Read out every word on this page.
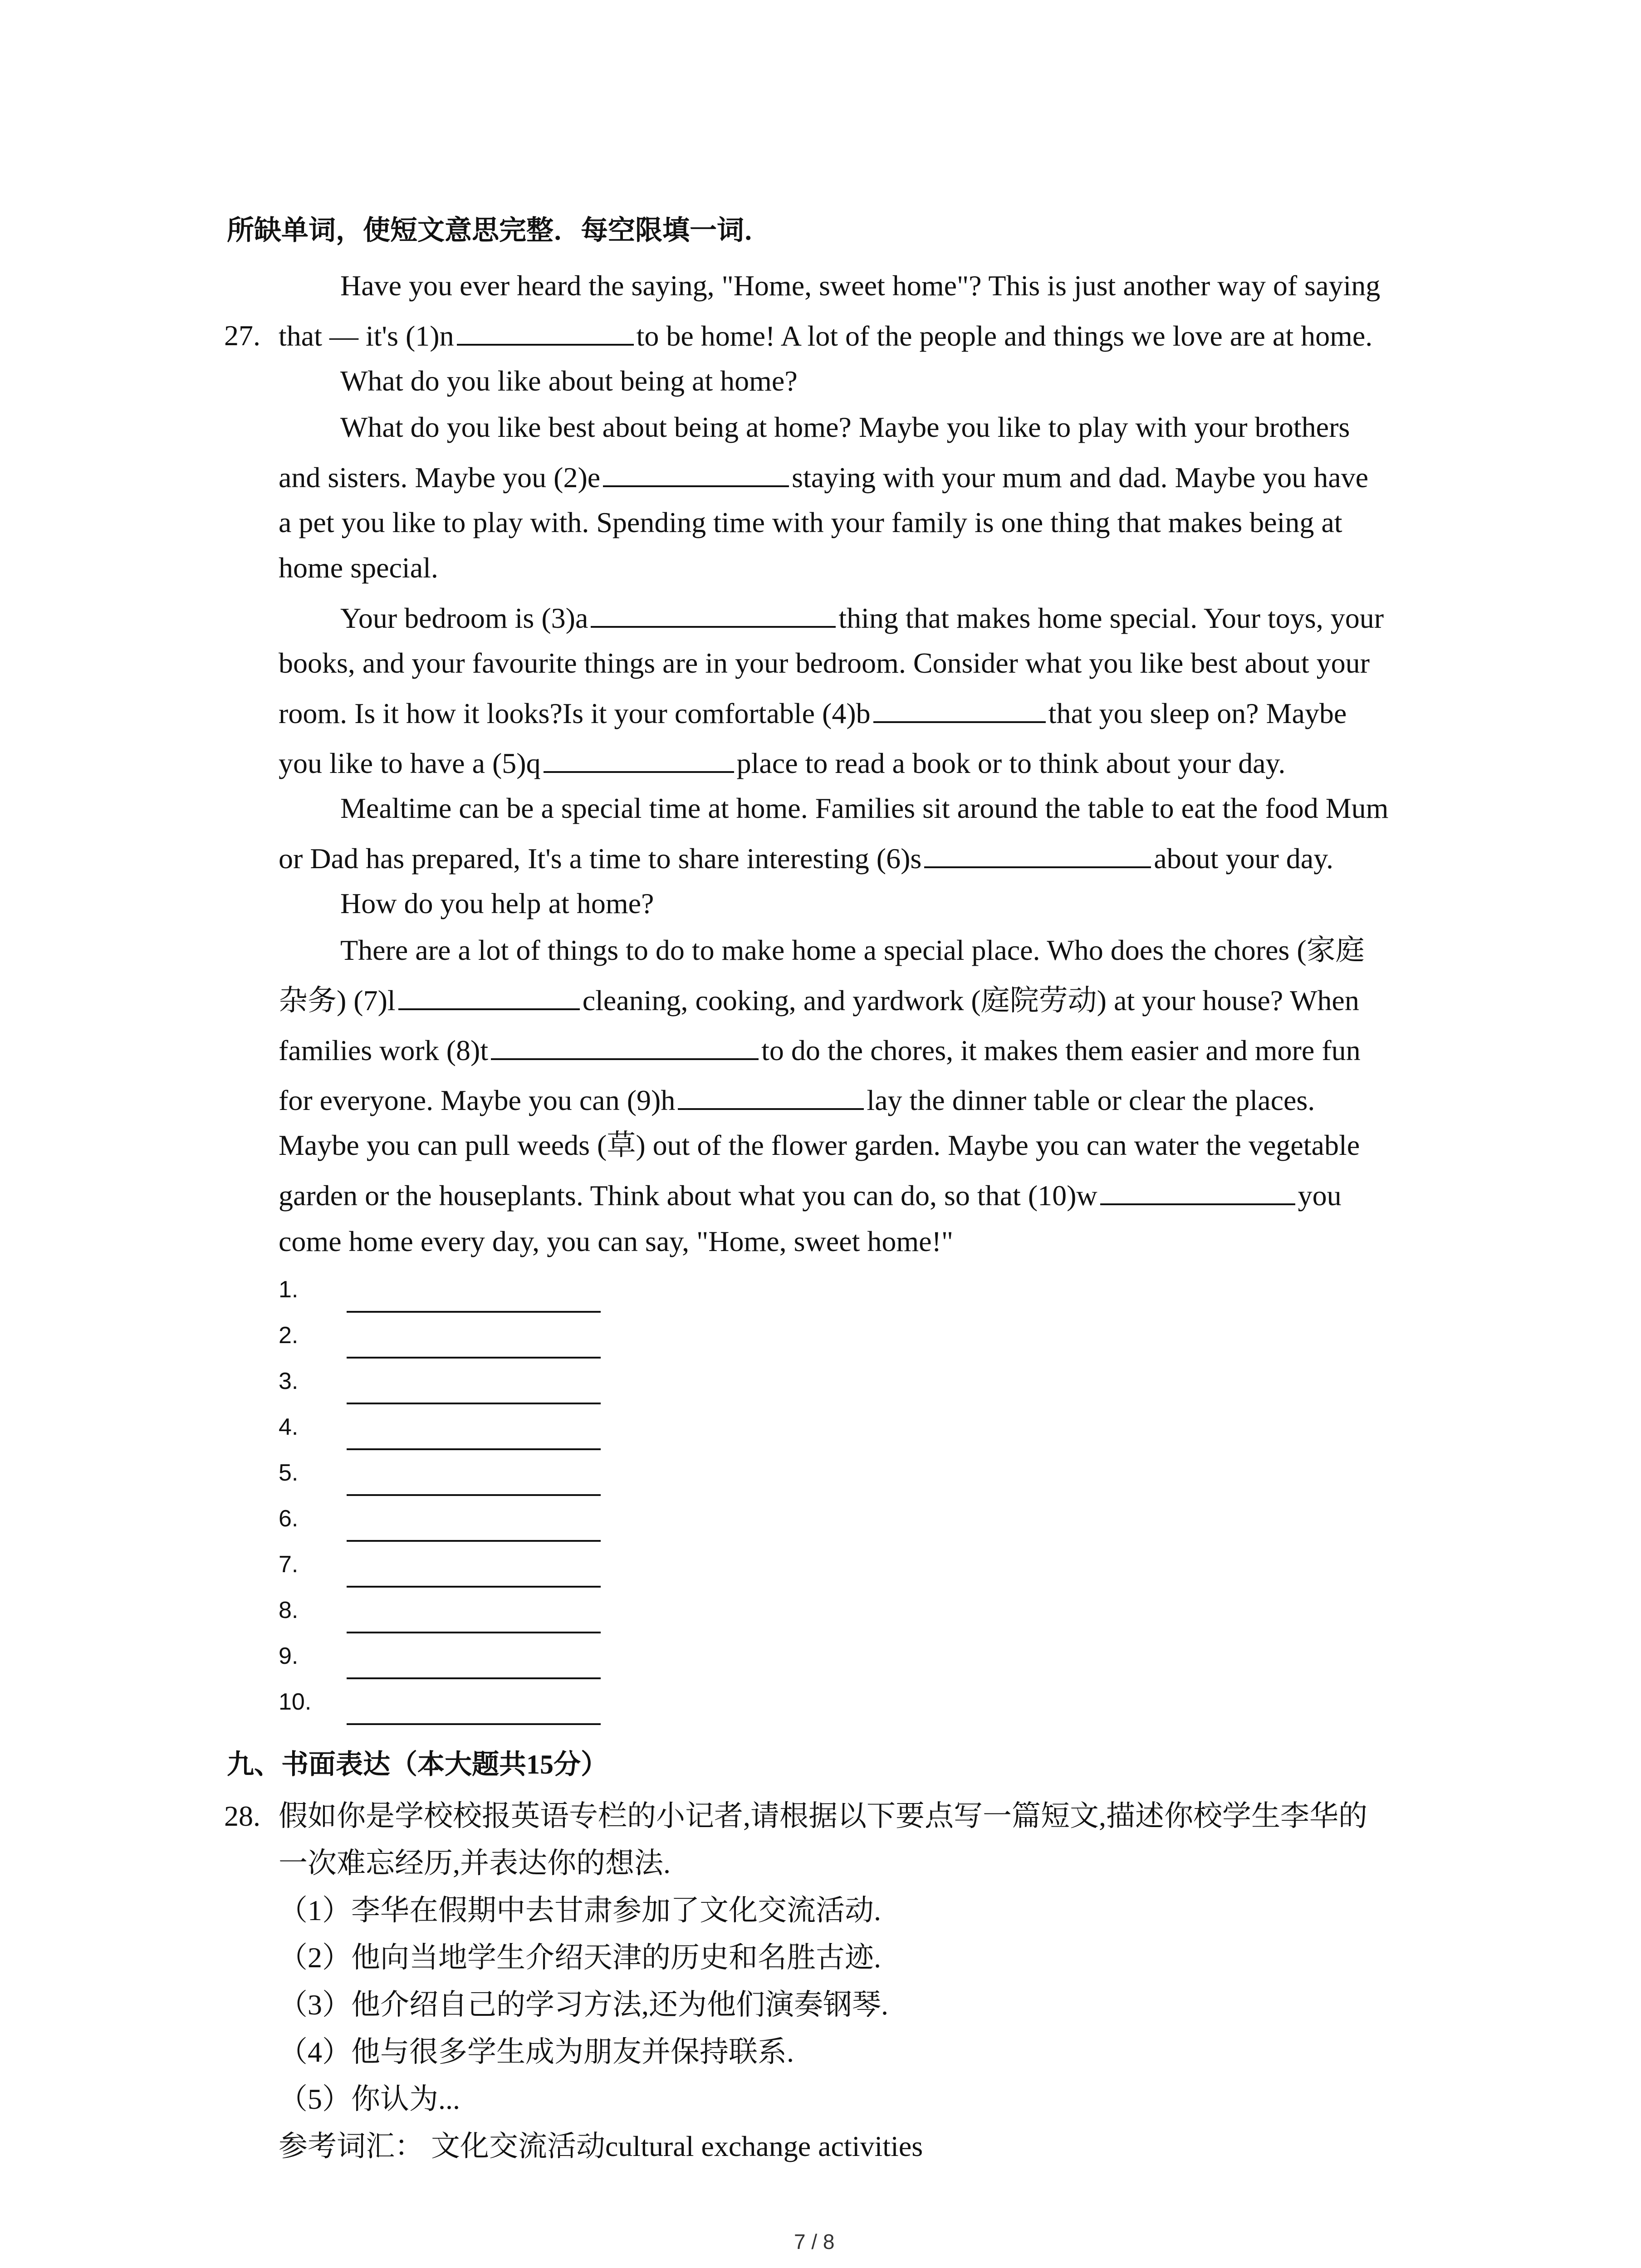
所缺单词，使短文意思完整．每空限填一词．
Have you ever heard the saying, "Home, sweet home"? This is just another way of saying
27. that — it's (1)n	to be home! A lot of the people and things we love are at home.
What do you like about being at home?
What do you like best about being at home? Maybe you like to play with your brothers
and sisters. Maybe you (2)e	staying with your mum and dad. Maybe you have
a pet you like to play with. Spending time with your family is one thing that makes being at
home special.
Your bedroom is (3)a	thing that makes home special. Your toys, your
books, and your favourite things are in your bedroom. Consider what you like best about your
room. Is it how it looks?Is it your comfortable (4)b	that you sleep on? Maybe
you like to have a (5)q	place to read a book or to think about your day.
Mealtime can be a special time at home. Families sit around the table to eat the food Mum
or Dad has prepared, It's a time to share interesting (6)s	about your day.
How do you help at home?
There are a lot of things to do to make home a special place. Who does the chores (家庭
杂务) (7)l	cleaning, cooking, and yardwork (庭院劳动) at your house? When
families work (8)t	to do the chores, it makes them easier and more fun
for everyone. Maybe you can (9)h	lay the dinner table or clear the places.
Maybe you can pull weeds (草) out of the flower garden. Maybe you can water the vegetable
garden or the houseplants. Think about what you can do, so that (10)w	you
come home every day, you can say, "Home, sweet home!"
1.
2.
3.
4.
5.
6.
7.
8.
9.
10.
九、书面表达（本大题共15分）
28. 假如你是学校校报英语专栏的小记者,请根据以下要点写一篇短文,描述你校学生李华的
一次难忘经历,并表达你的想法.
（1）李华在假期中去甘肃参加了文化交流活动.
（2）他向当地学生介绍天津的历史和名胜古迹.
（3）他介绍自己的学习方法,还为他们演奏钢琴.
（4）他与很多学生成为朋友并保持联系.
（5）你认为...
参考词汇： 文化交流活动cultural exchange activities
7 / 8
